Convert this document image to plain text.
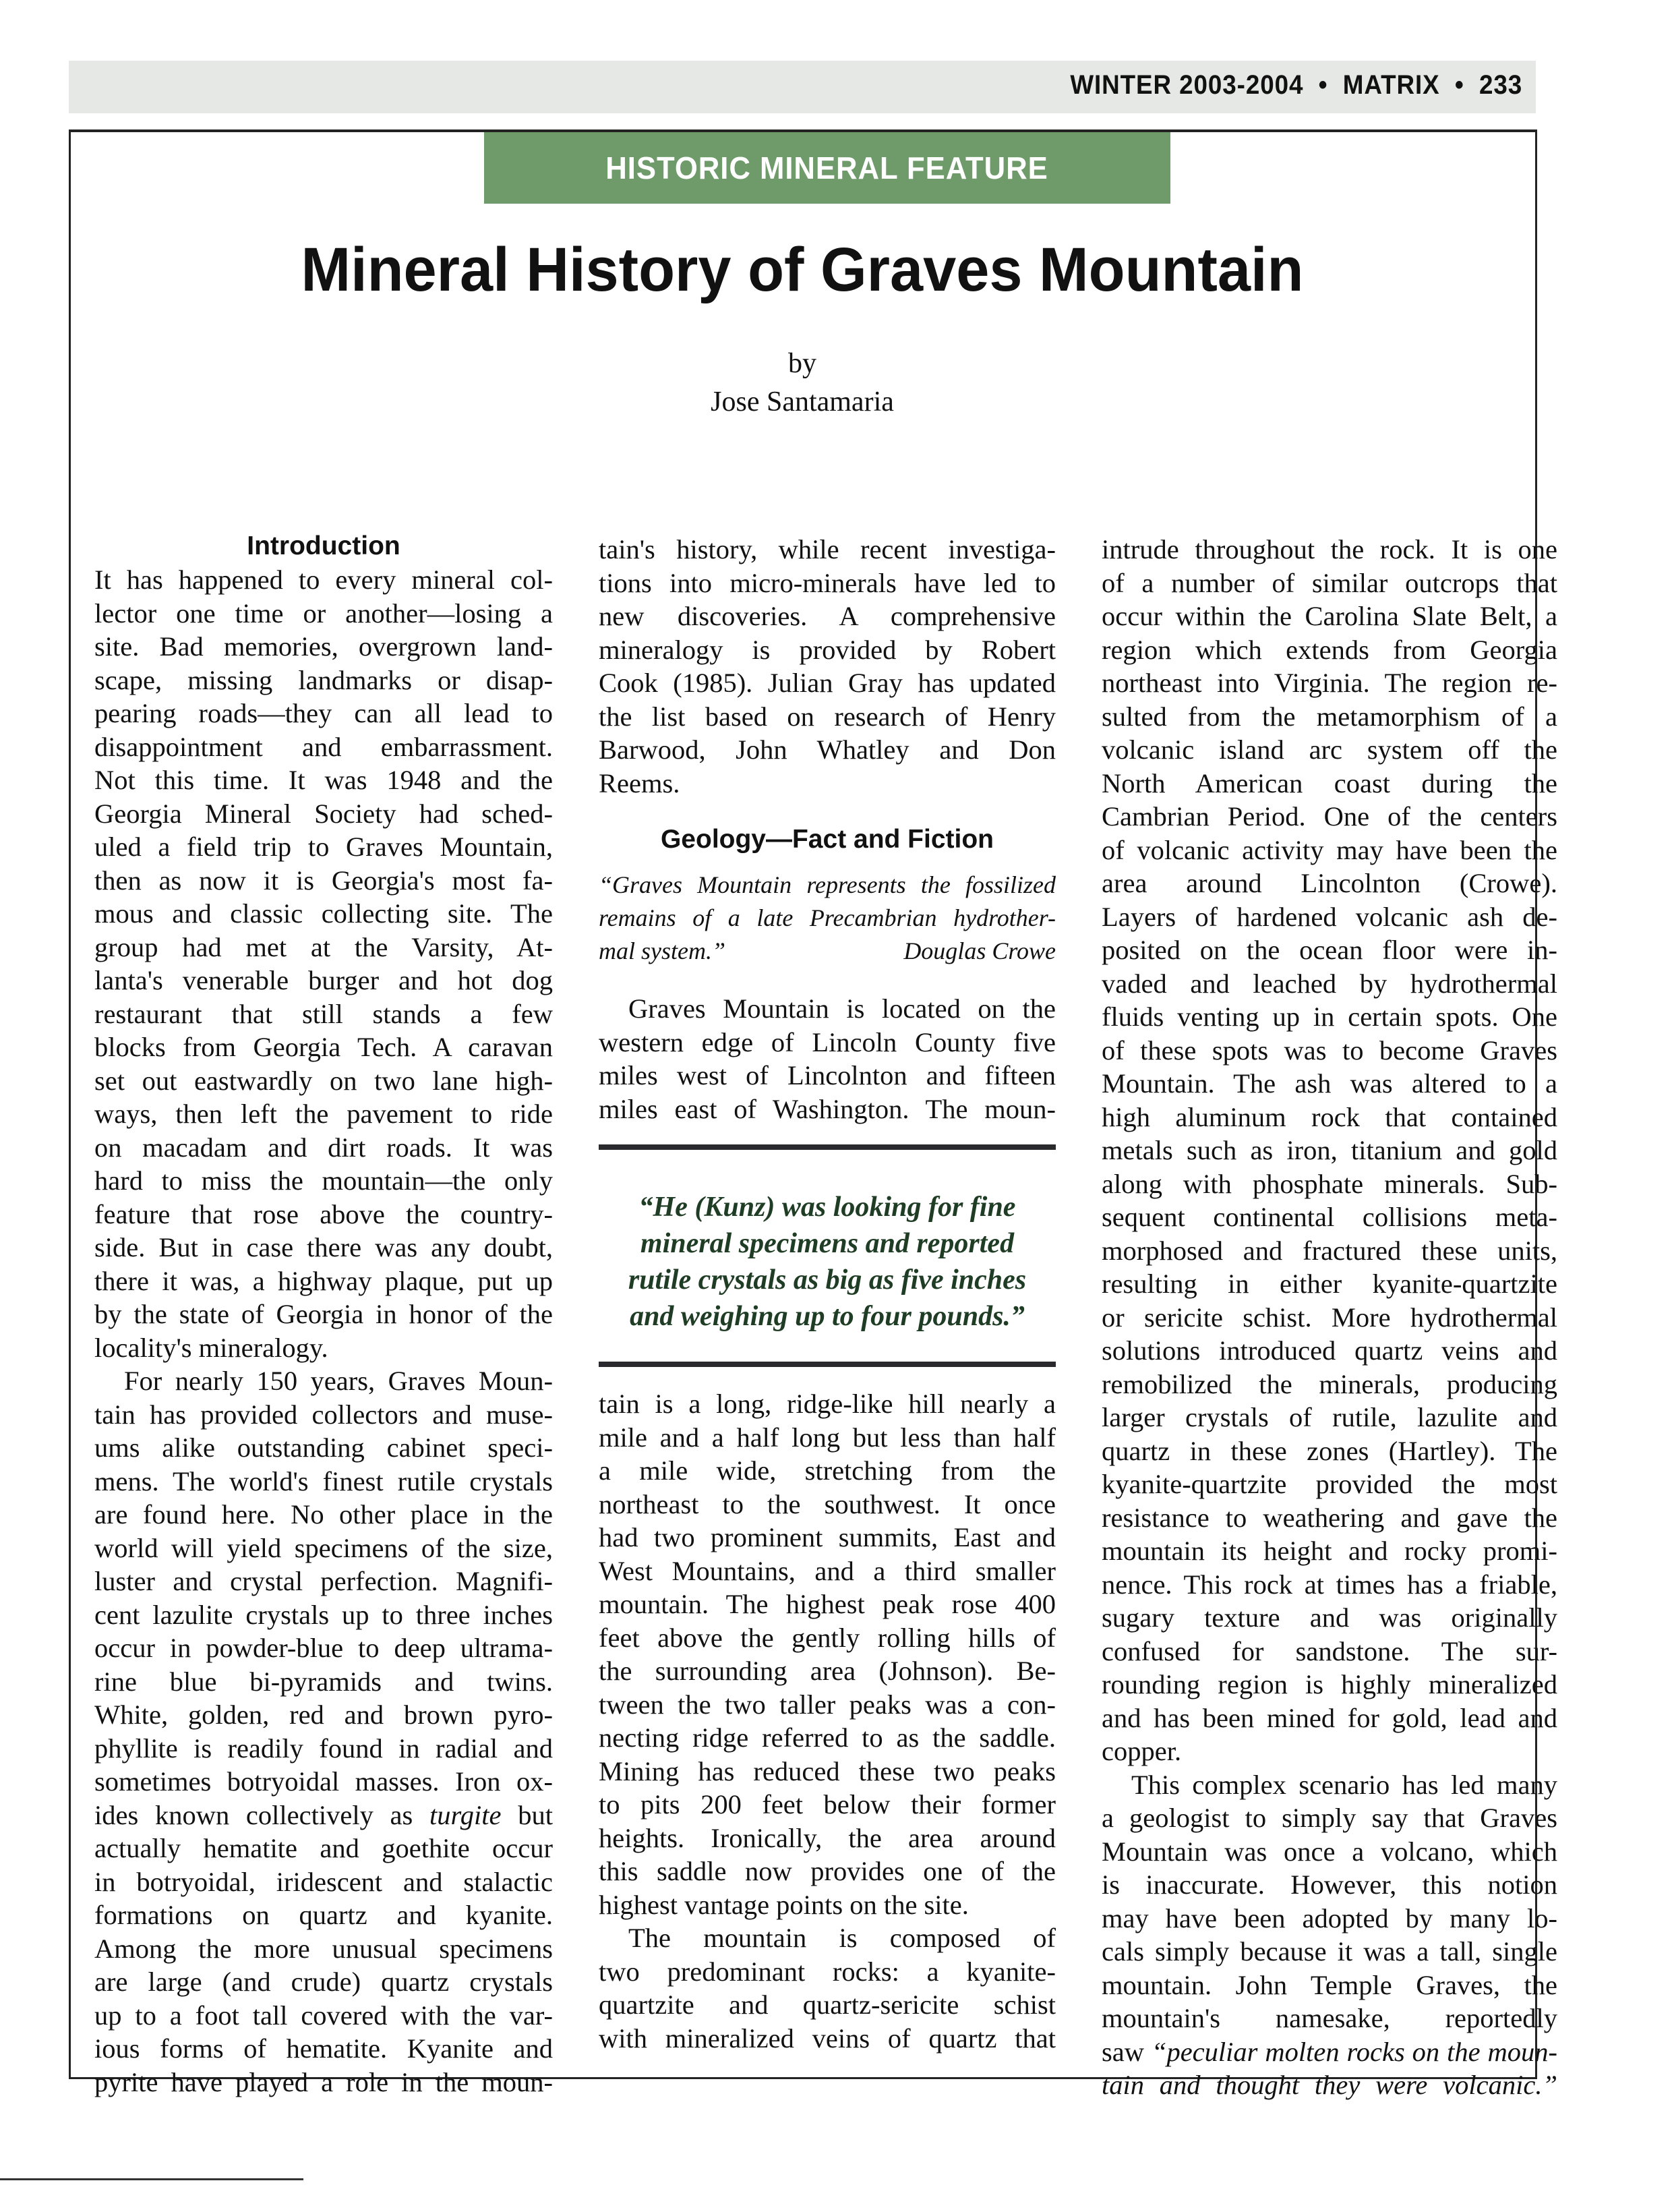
WINTER 2003-2004  •  MATRIX  •  233
HISTORIC MINERAL FEATURE
Mineral History of Graves Mountain
by
Jose Santamaria
Introduction
It has happened to every mineral col-
lector one time or another—losing a
site. Bad memories, overgrown land-
scape, missing landmarks or disap-
pearing roads—they can all lead to
disappointment and embarrassment.
Not this time. It was 1948 and the
Georgia Mineral Society had sched-
uled a field trip to Graves Mountain,
then as now it is Georgia's most fa-
mous and classic collecting site. The
group had met at the Varsity, At-
lanta's venerable burger and hot dog
restaurant that still stands a few
blocks from Georgia Tech. A caravan
set out eastwardly on two lane high-
ways, then left the pavement to ride
on macadam and dirt roads. It was
hard to miss the mountain—the only
feature that rose above the country-
side. But in case there was any doubt,
there it was, a highway plaque, put up
by the state of Georgia in honor of the
locality's mineralogy.
For nearly 150 years, Graves Moun-
tain has provided collectors and muse-
ums alike outstanding cabinet speci-
mens. The world's finest rutile crystals
are found here. No other place in the
world will yield specimens of the size,
luster and crystal perfection. Magnifi-
cent lazulite crystals up to three inches
occur in powder-blue to deep ultrama-
rine blue bi-pyramids and twins.
White, golden, red and brown pyro-
phyllite is readily found in radial and
sometimes botryoidal masses. Iron ox-
ides known collectively as turgite but
actually hematite and goethite occur
in botryoidal, iridescent and stalactic
formations on quartz and kyanite.
Among the more unusual specimens
are large (and crude) quartz crystals
up to a foot tall covered with the var-
ious forms of hematite. Kyanite and
pyrite have played a role in the moun-
tain's history, while recent investiga-
tions into micro-minerals have led to
new discoveries. A comprehensive
mineralogy is provided by Robert
Cook (1985). Julian Gray has updated
the list based on research of Henry
Barwood, John Whatley and Don
Reems.
Geology—Fact and Fiction
“Graves Mountain represents the fossilized
remains of a late Precambrian hydrother-
mal system.”	Douglas Crowe
Graves Mountain is located on the
western edge of Lincoln County five
miles west of Lincolnton and fifteen
miles east of Washington. The moun-
“He (Kunz) was looking for fine
mineral specimens and reported
rutile crystals as big as five inches
and weighing up to four pounds.”
tain is a long, ridge-like hill nearly a
mile and a half long but less than half
a mile wide, stretching from the
northeast to the southwest. It once
had two prominent summits, East and
West Mountains, and a third smaller
mountain. The highest peak rose 400
feet above the gently rolling hills of
the surrounding area (Johnson). Be-
tween the two taller peaks was a con-
necting ridge referred to as the saddle.
Mining has reduced these two peaks
to pits 200 feet below their former
heights. Ironically, the area around
this saddle now provides one of the
highest vantage points on the site.
The mountain is composed of
two predominant rocks: a kyanite-
quartzite and quartz-sericite schist
with mineralized veins of quartz that
intrude throughout the rock. It is one
of a number of similar outcrops that
occur within the Carolina Slate Belt, a
region which extends from Georgia
northeast into Virginia. The region re-
sulted from the metamorphism of a
volcanic island arc system off the
North American coast during the
Cambrian Period. One of the centers
of volcanic activity may have been the
area around Lincolnton (Crowe).
Layers of hardened volcanic ash de-
posited on the ocean floor were in-
vaded and leached by hydrothermal
fluids venting up in certain spots. One
of these spots was to become Graves
Mountain. The ash was altered to a
high aluminum rock that contained
metals such as iron, titanium and gold
along with phosphate minerals. Sub-
sequent continental collisions meta-
morphosed and fractured these units,
resulting in either kyanite-quartzite
or sericite schist. More hydrothermal
solutions introduced quartz veins and
remobilized the minerals, producing
larger crystals of rutile, lazulite and
quartz in these zones (Hartley). The
kyanite-quartzite provided the most
resistance to weathering and gave the
mountain its height and rocky promi-
nence. This rock at times has a friable,
sugary texture and was originally
confused for sandstone. The sur-
rounding region is highly mineralized
and has been mined for gold, lead and
copper.
This complex scenario has led many
a geologist to simply say that Graves
Mountain was once a volcano, which
is inaccurate. However, this notion
may have been adopted by many lo-
cals simply because it was a tall, single
mountain. John Temple Graves, the
mountain's namesake, reportedly
saw “peculiar molten rocks on the moun-
tain and thought they were volcanic.”
